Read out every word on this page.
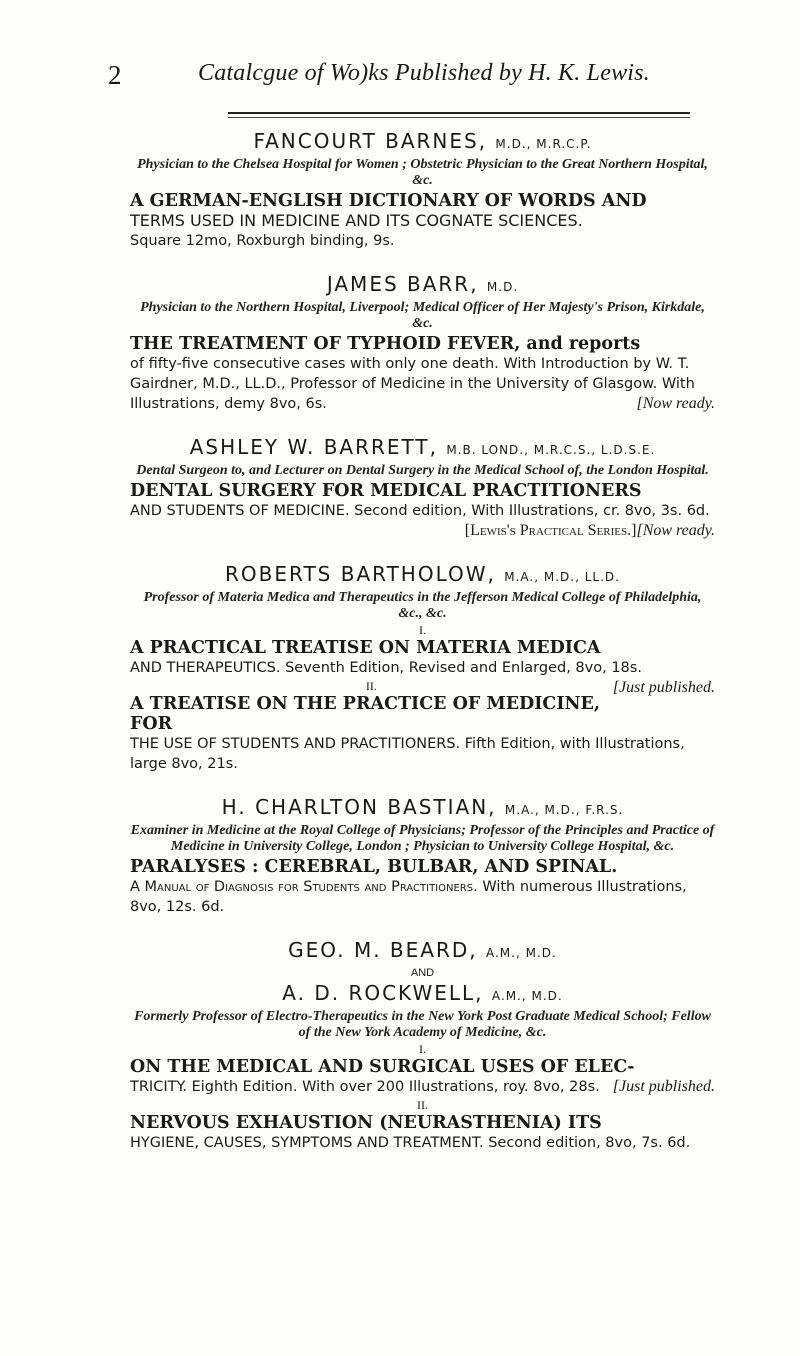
2	Catalcgue of Wo)ks Published by H. K. Lewis.
FANCOURT BARNES, M.D., M.R.C.P.
Physician to the Chelsea Hospital for Women ; Obstetric Physician to the Great Northern Hospital, &c.
A GERMAN-ENGLISH DICTIONARY OF WORDS AND
TERMS USED IN MEDICINE AND ITS COGNATE SCIENCES.
Square 12mo, Roxburgh binding, 9s.
JAMES BARR, M.D.
Physician to the Northern Hospital, Liverpool; Medical Officer of Her Majesty's Prison, Kirkdale, &c.
THE TREATMENT OF TYPHOID FEVER, and reports
of fifty-five consecutive cases with only one death. With Introduction by W. T. Gairdner, M.D., LL.D., Professor of Medicine in the University of Glasgow. With Illustrations, demy 8vo, 6s.	[Now ready.
ASHLEY W. BARRETT, M.B. LOND., M.R.C.S., L.D.S.E.
Dental Surgeon to, and Lecturer on Dental Surgery in the Medical School of, the London Hospital.
DENTAL SURGERY FOR MEDICAL PRACTITIONERS
AND STUDENTS OF MEDICINE. Second edition, With Illustrations, cr. 8vo, 3s. 6d.
[Now ready.
[Lewis's Practical Series.]
ROBERTS BARTHOLOW, M.A., M.D., LL.D.
Professor of Materia Medica and Therapeutics in the Jefferson Medical College of Philadelphia, &c., &c.
I.
A PRACTICAL TREATISE ON MATERIA MEDICA
AND THERAPEUTICS. Seventh Edition, Revised and Enlarged, 8vo, 18s.
[Just published.
II.
A TREATISE ON THE PRACTICE OF MEDICINE, FOR
THE USE OF STUDENTS AND PRACTITIONERS. Fifth Edition, with Illustrations, large 8vo, 21s.
H. CHARLTON BASTIAN, M.A., M.D., F.R.S.
Examiner in Medicine at the Royal College of Physicians; Professor of the Principles and Practice of Medicine in University College, London ; Physician to University College Hospital, &c.
PARALYSES : CEREBRAL, BULBAR, AND SPINAL.
A Manual of Diagnosis for Students and Practitioners. With numerous Illustrations, 8vo, 12s. 6d.
GEO. M. BEARD, A.M., M.D.
AND
A. D. ROCKWELL, A.M., M.D.
Formerly Professor of Electro-Therapeutics in the New York Post Graduate Medical School; Fellow of the New York Academy of Medicine, &c.
I.
ON THE MEDICAL AND SURGICAL USES OF ELEC-
TRICITY. Eighth Edition. With over 200 Illustrations, roy. 8vo, 28s. [Just published.
II.
NERVOUS EXHAUSTION (NEURASTHENIA) ITS
HYGIENE, CAUSES, SYMPTOMS AND TREATMENT. Second edition, 8vo, 7s. 6d.
